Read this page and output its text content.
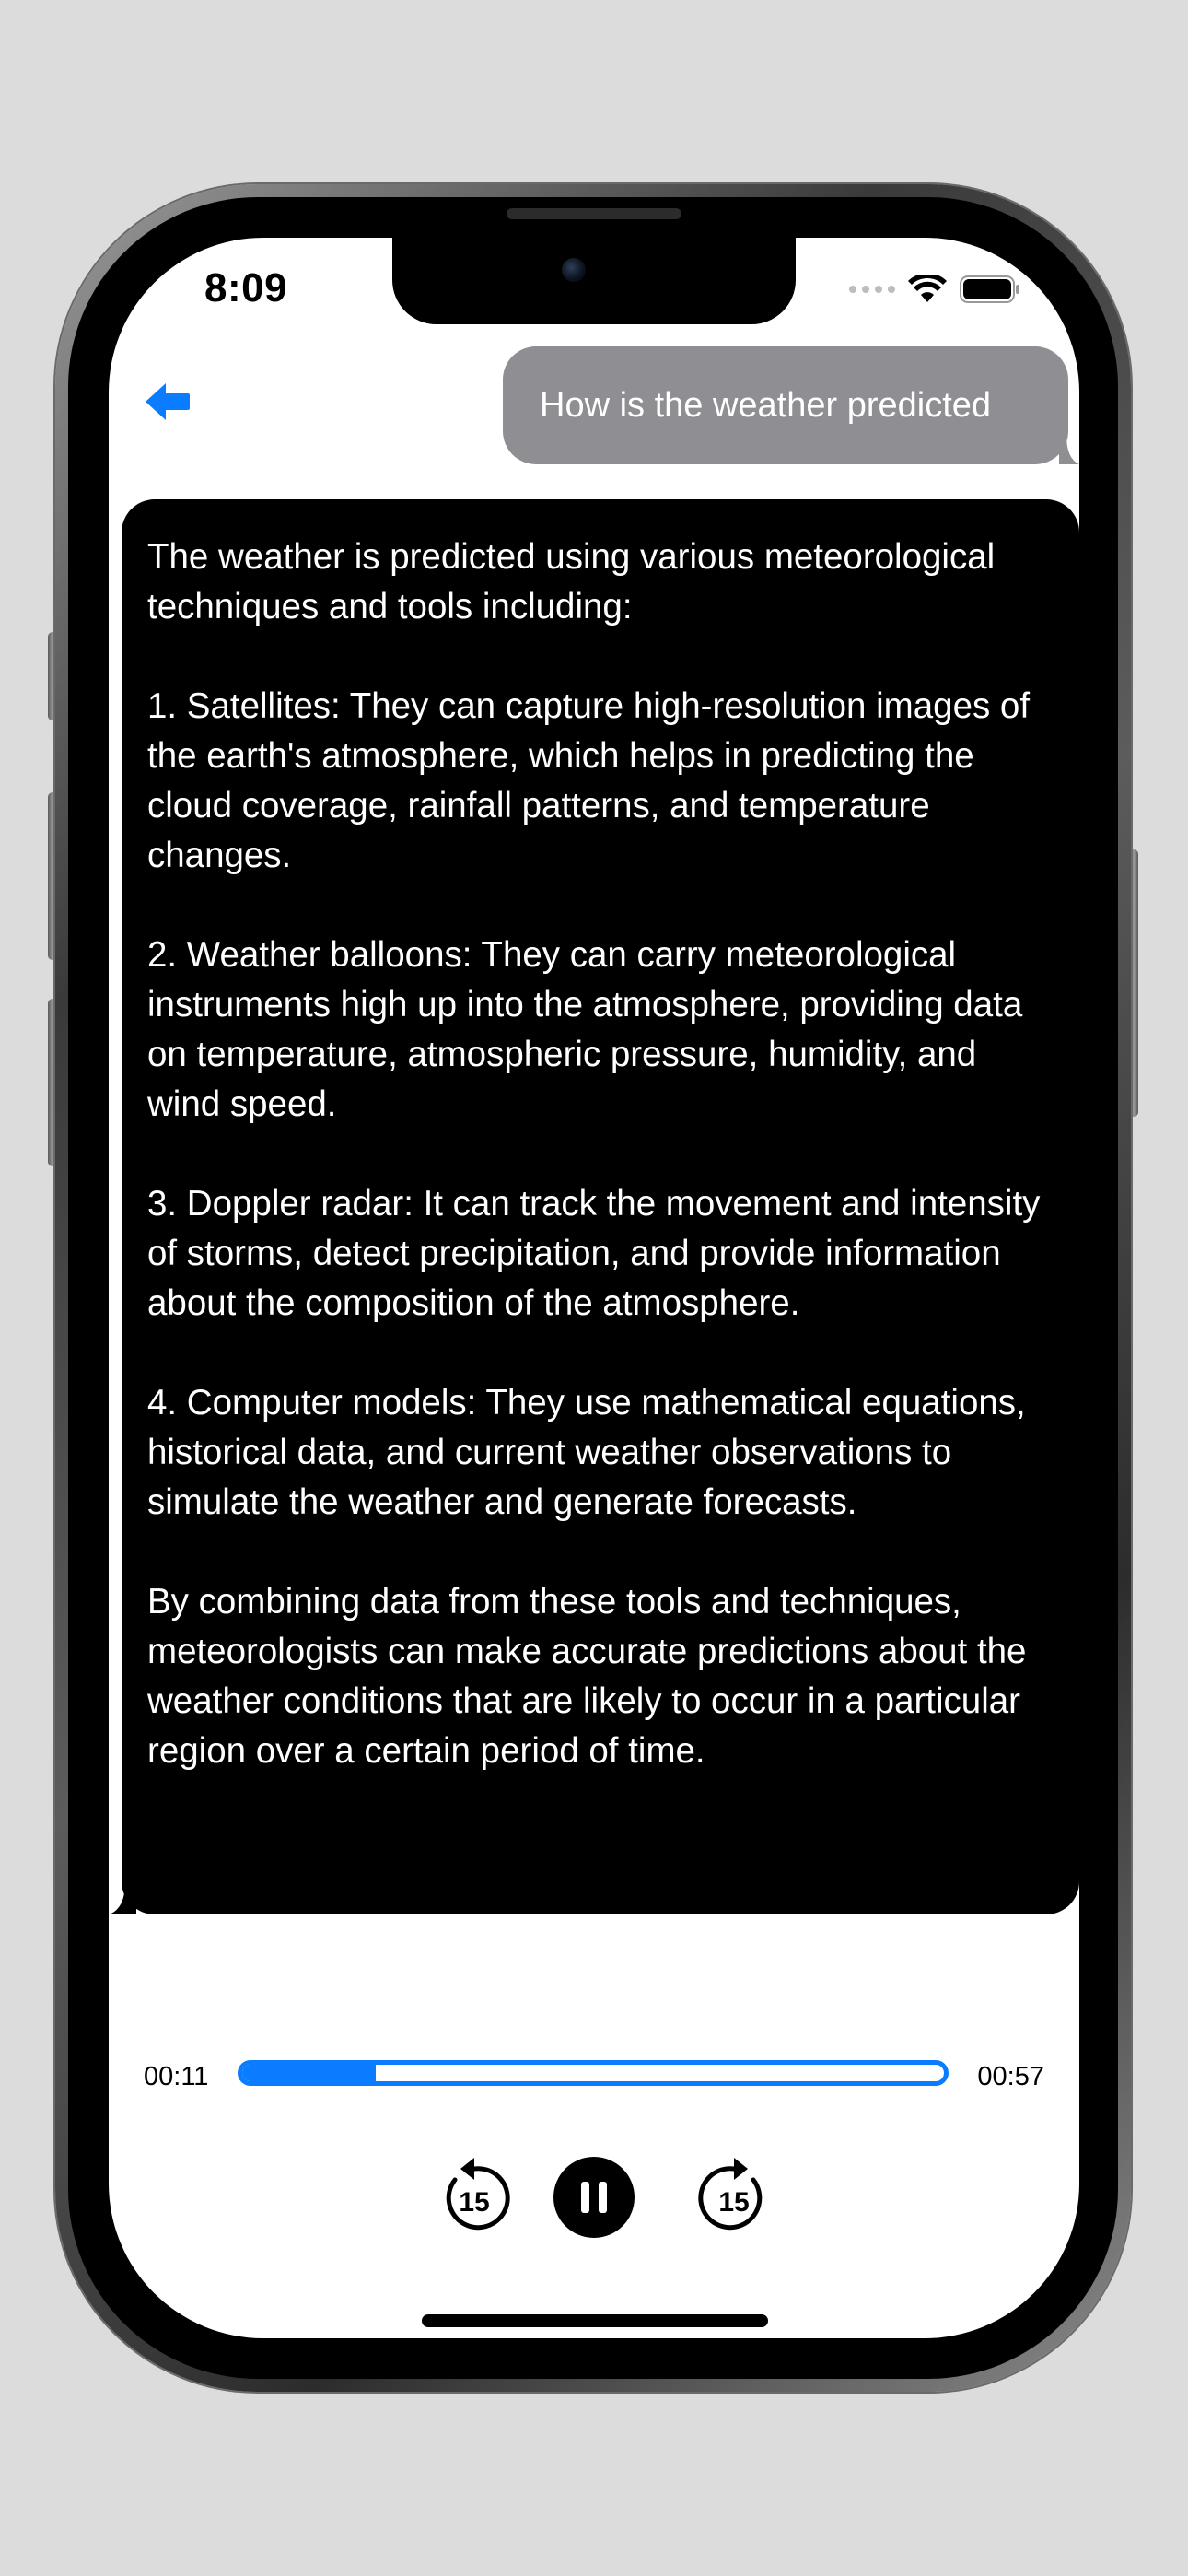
8:09
How is the weather predicted
The weather is predicted using various meteorological techniques and tools including:

1. Satellites: They can capture high-resolution images of the earth's atmosphere, which helps in predicting the cloud coverage, rainfall patterns, and temperature changes.

2. Weather balloons: They can carry meteorological instruments high up into the atmosphere, providing data on temperature, atmospheric pressure, humidity, and wind speed.

3. Doppler radar: It can track the movement and intensity of storms, detect precipitation, and provide information about the composition of the atmosphere.

4. Computer models: They use mathematical equations, historical data, and current weather observations to simulate the weather and generate forecasts.

By combining data from these tools and techniques, meteorologists can make accurate predictions about the weather conditions that are likely to occur in a particular region over a certain period of time.
00:11	00:57
15	15
